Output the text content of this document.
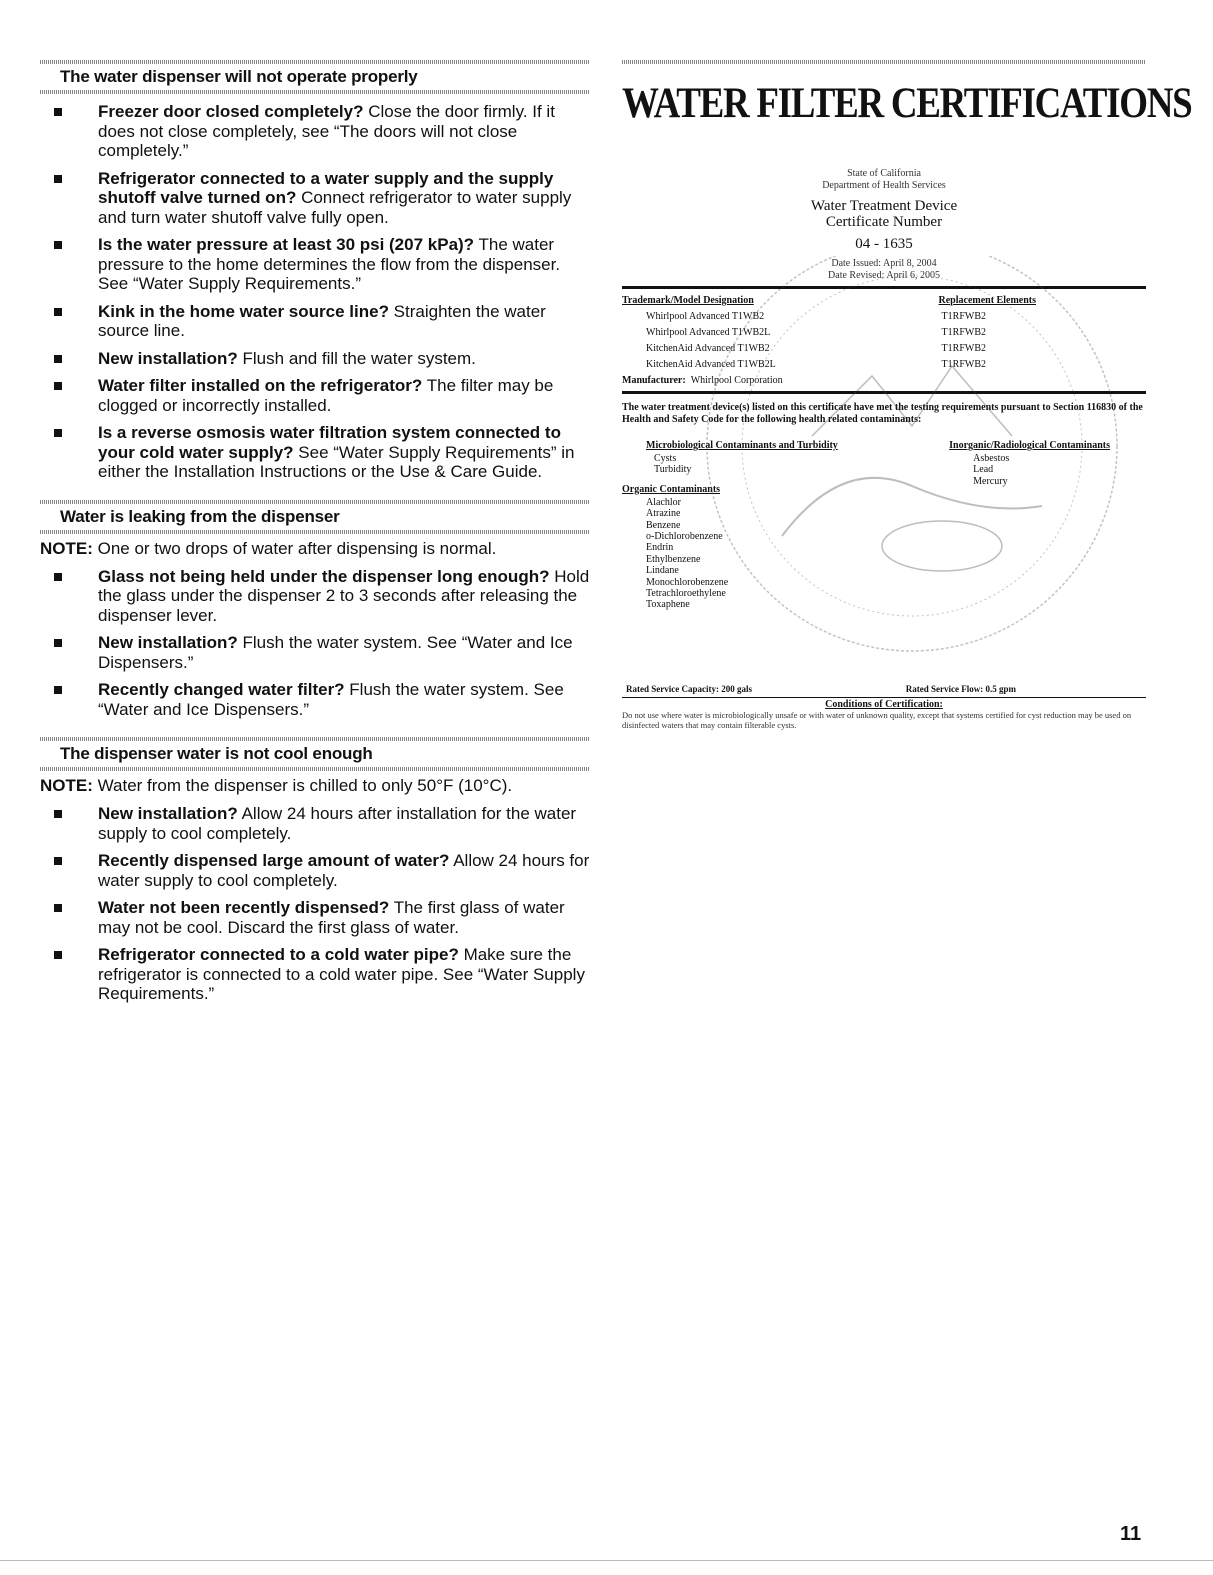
The water dispenser will not operate properly
Freezer door closed completely? Close the door firmly. If it does not close completely, see “The doors will not close completely.”
Refrigerator connected to a water supply and the supply shutoff valve turned on? Connect refrigerator to water supply and turn water shutoff valve fully open.
Is the water pressure at least 30 psi (207 kPa)? The water pressure to the home determines the flow from the dispenser. See “Water Supply Requirements.”
Kink in the home water source line? Straighten the water source line.
New installation? Flush and fill the water system.
Water filter installed on the refrigerator? The filter may be clogged or incorrectly installed.
Is a reverse osmosis water filtration system connected to your cold water supply? See “Water Supply Requirements” in either the Installation Instructions or the Use & Care Guide.
Water is leaking from the dispenser
NOTE: One or two drops of water after dispensing is normal.
Glass not being held under the dispenser long enough? Hold the glass under the dispenser 2 to 3 seconds after releasing the dispenser lever.
New installation? Flush the water system. See “Water and Ice Dispensers.”
Recently changed water filter? Flush the water system. See “Water and Ice Dispensers.”
The dispenser water is not cool enough
NOTE: Water from the dispenser is chilled to only 50°F (10°C).
New installation? Allow 24 hours after installation for the water supply to cool completely.
Recently dispensed large amount of water? Allow 24 hours for water supply to cool completely.
Water not been recently dispensed? The first glass of water may not be cool. Discard the first glass of water.
Refrigerator connected to a cold water pipe? Make sure the refrigerator is connected to a cold water pipe. See “Water Supply Requirements.”
WATER FILTER CERTIFICATIONS
State of California
Department of Health Services
Water Treatment Device
Certificate Number
04 - 1635
Date Issued: April 8, 2004
Date Revised: April 6, 2005
Trademark/Model Designation	Replacement Elements
Whirlpool Advanced T1WB2	T1RFWB2
Whirlpool Advanced T1WB2L	T1RFWB2
KitchenAid Advanced T1WB2	T1RFWB2
KitchenAid Advanced T1WB2L	T1RFWB2
Manufacturer: Whirlpool Corporation
The water treatment device(s) listed on this certificate have met the testing requirements pursuant to Section 116830 of the Health and Safety Code for the following health related contaminants:
Microbiological Contaminants and Turbidity
Cysts
Turbidity
Organic Contaminants
Alachlor
Atrazine
Benzene
o-Dichlorobenzene
Endrin
Ethylbenzene
Lindane
Monochlorobenzene
Tetrachloroethylene
Toxaphene
Inorganic/Radiological Contaminants
Asbestos
Lead
Mercury
Rated Service Capacity: 200 gals	Rated Service Flow: 0.5 gpm
Conditions of Certification:
Do not use where water is microbiologically unsafe or with water of unknown quality, except that systems certified for cyst reduction may be used on disinfected waters that may contain filterable cysts.
11
